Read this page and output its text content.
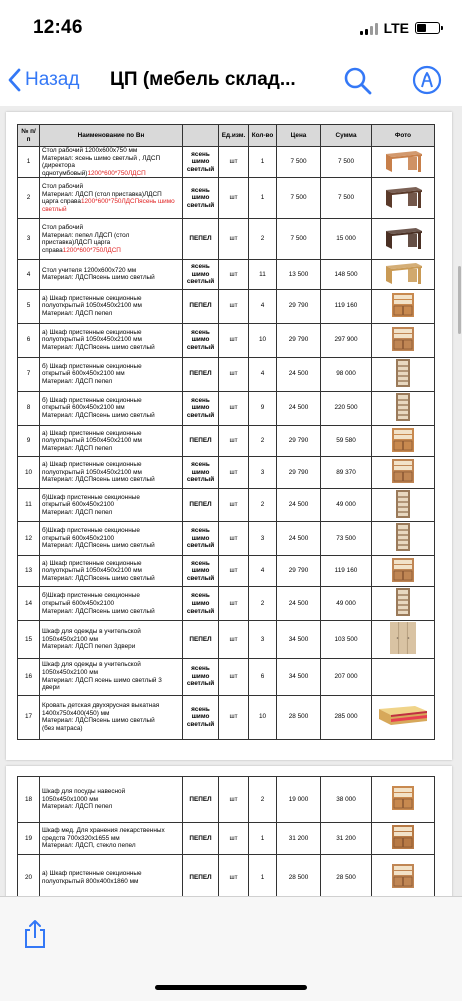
12:46	LTE
Назад ЦП (мебель склад...
№ п/п	Наименование по Вн		Ед.изм.	Кол-во	Цена	Сумма	Фото
1	Стол рабочий 1200х600х750 мм
Материал: ясень шимо светлый , ЛДСП (директора
однотумбовый)1200*600*750ЛДСП	ясень
шимо
светлый	шт	1	7 500	7 500	
2	Стол рабочий
Материал: ЛДСП (стол приставка)ЛДСП
царга справа1200*600*750ЛДСПясень шимо светлый	ясень
шимо
светлый	шт	1	7 500	7 500	
3	Стол рабочий
Материал: пепел ЛДСП (стол
приставка)ЛДСП царга
справа1200*600*750ЛДСП	ПЕПЕЛ	шт	2	7 500	15 000	
4	Стол учителя 1200х600х720 мм
Материал: ЛДСПясень шимо светлый	ясень
шимо
светлый	шт	11	13 500	148 500	
5	а) Шкаф пристенные секционные
полуоткрытый 1050х450х2100 мм
Материал: ЛДСП пепел	ПЕПЕЛ	шт	4	29 790	119 160	
6	а) Шкаф пристенные секционные
полуоткрытый 1050х450х2100 мм
Материал: ЛДСПясень шимо светлый	ясень
шимо
светлый	шт	10	29 790	297 900	
7	б) Шкаф пристенные секционные
открытый 600х450х2100 мм
Материал: ЛДСП пепел	ПЕПЕЛ	шт	4	24 500	98 000	
8	б) Шкаф пристенные секционные
открытый 600х450х2100 мм
Материал: ЛДСПясень шимо светлый	ясень
шимо
светлый	шт	9	24 500	220 500	
9	а) Шкаф пристенные секционные
полуоткрытый 1050х450х2100 мм
Материал: ЛДСП пепел	ПЕПЕЛ	шт	2	29 790	59 580	
10	а) Шкаф пристенные секционные
полуоткрытый 1050х450х2100 мм
Материал: ЛДСПясень шимо светлый	ясень
шимо
светлый	шт	3	29 790	89 370	
11	б)Шкаф пристенные секционные
открытый 600х450х2100
Материал: ЛДСП пепел	ПЕПЕЛ	шт	2	24 500	49 000	
12	б)Шкаф пристенные секционные
открытый 600х450х2100
Материал: ЛДСПясень шимо светлый	ясень
шимо
светлый	шт	3	24 500	73 500	
13	а) Шкаф пристенные секционные
полуоткрытый 1050х450х2100 мм
Материал: ЛДСПясень шимо светлый	ясень
шимо
светлый	шт	4	29 790	119 160	
14	б)Шкаф пристенные секционные
открытый 600х450х2100
Материал: ЛДСПясень шимо светлый	ясень
шимо
светлый	шт	2	24 500	49 000	
15	Шкаф для одежды в учительской
1050х450х2100 мм
Материал: ЛДСП пепел 3двери	ПЕПЕЛ	шт	3	34 500	103 500	
16	Шкаф для одежды в учительской
1050х450х2100 мм
Материал: ЛДСП ясень шимо светлый 3
двери	ясень
шимо
светлый	шт	6	34 500	207 000	
17	Кровать детская двухярусная выкатная
1400х750х400(450) мм
Материал: ЛДСПясень шимо светлый
(без матраса)	ясень
шимо
светлый	шт	10	28 500	285 000	
18	Шкаф для посуды навесной
1050х450х1000 мм
Материал: ЛДСП пепел	ПЕПЕЛ	шт	2	19 000	38 000	
19	Шкаф мед. Для хранения лекарственных
средств 700х320х1655 мм
Материал: ЛДСП, стекло пепел	ПЕПЕЛ	шт	1	31 200	31 200	
20	а) Шкаф пристенные секционные
полуоткрытый 800х400х1860 мм	ПЕПЕЛ	шт	1	28 500	28 500	
